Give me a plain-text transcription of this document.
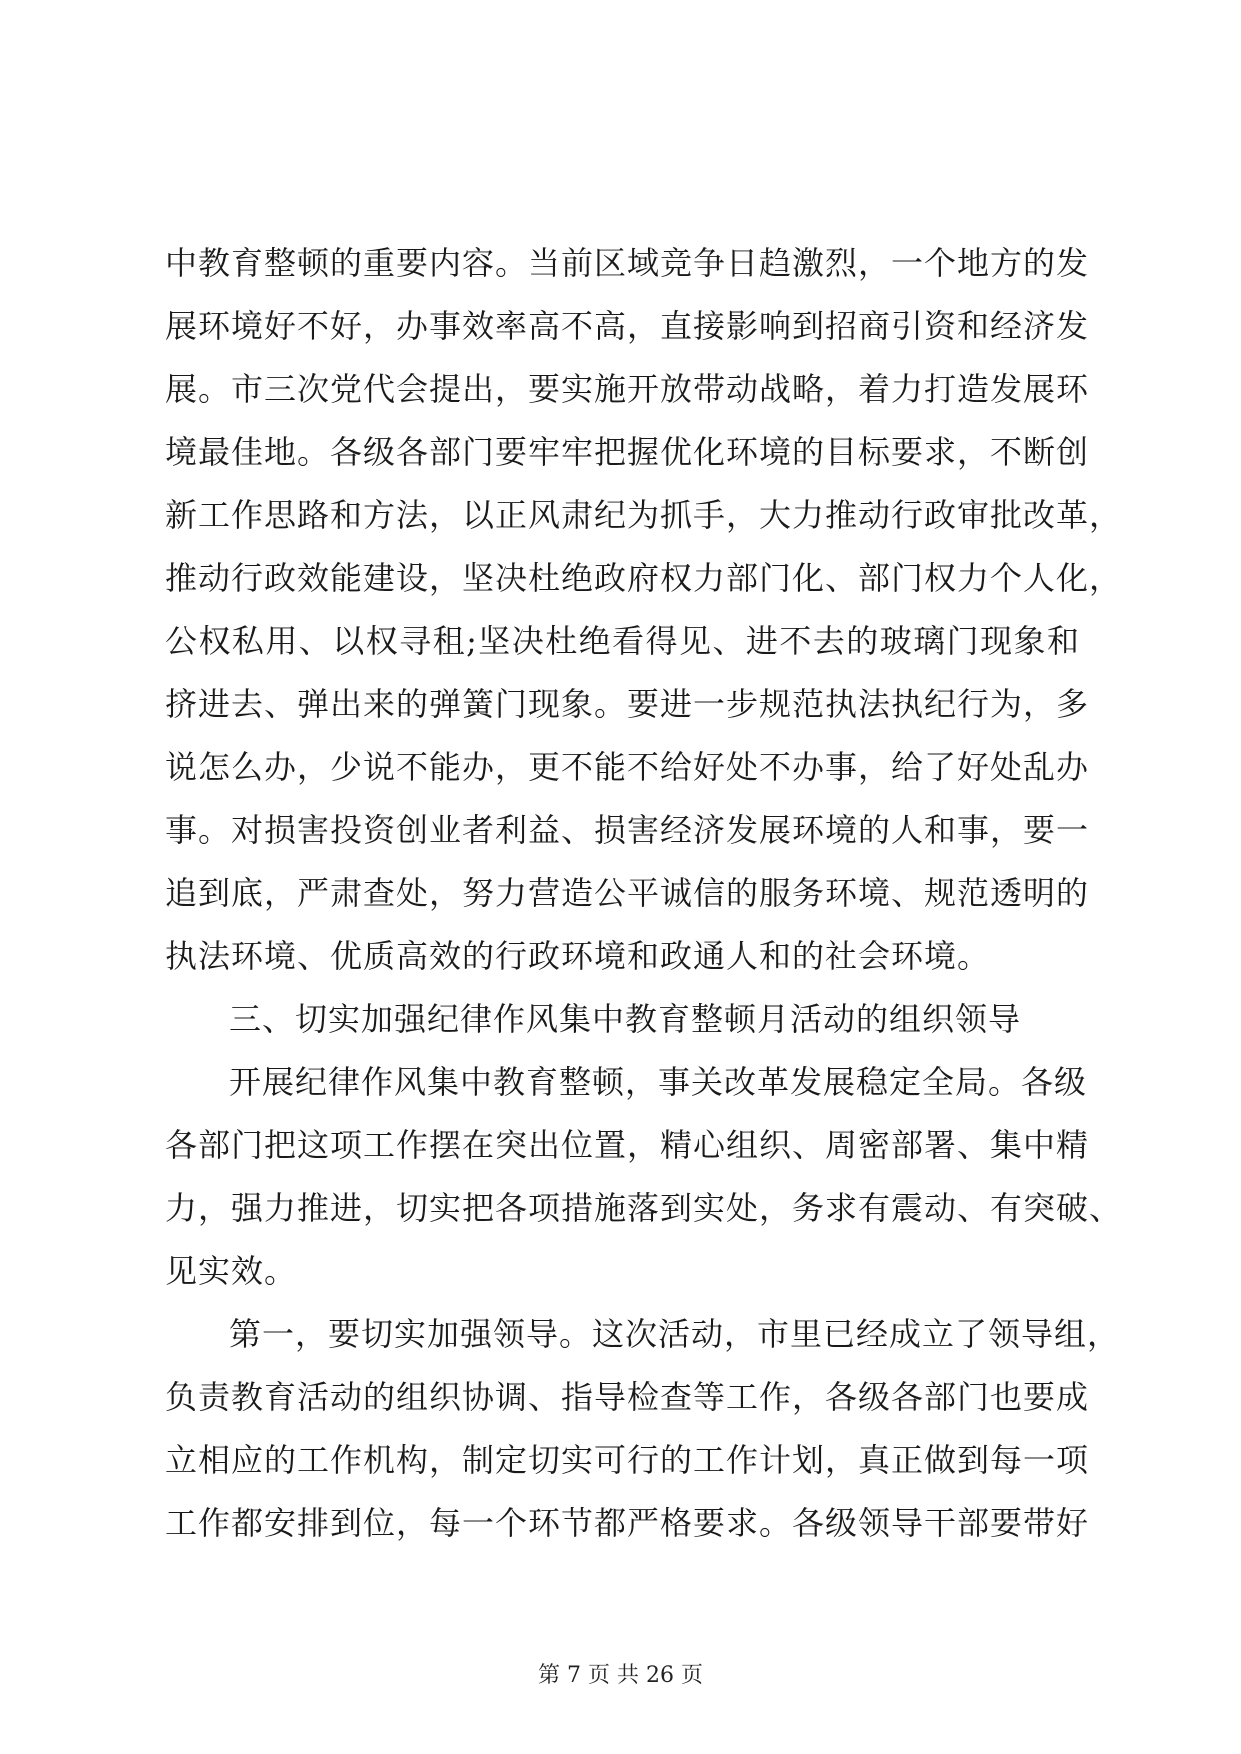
中教育整顿的重要内容。当前区域竞争日趋激烈，一个地方的发
展环境好不好，办事效率高不高，直接影响到招商引资和经济发
展。市三次党代会提出，要实施开放带动战略，着力打造发展环
境最佳地。各级各部门要牢牢把握优化环境的目标要求，不断创
新工作思路和方法，以正风肃纪为抓手，大力推动行政审批改革，
推动行政效能建设，坚决杜绝政府权力部门化、部门权力个人化，
公权私用、以权寻租;坚决杜绝看得见、进不去的玻璃门现象和
挤进去、弹出来的弹簧门现象。要进一步规范执法执纪行为，多
说怎么办，少说不能办，更不能不给好处不办事，给了好处乱办
事。对损害投资创业者利益、损害经济发展环境的人和事，要一
追到底，严肃查处，努力营造公平诚信的服务环境、规范透明的
执法环境、优质高效的行政环境和政通人和的社会环境。
三、切实加强纪律作风集中教育整顿月活动的组织领导
开展纪律作风集中教育整顿，事关改革发展稳定全局。各级
各部门把这项工作摆在突出位置，精心组织、周密部署、集中精
力，强力推进，切实把各项措施落到实处，务求有震动、有突破、
见实效。
第一，要切实加强领导。这次活动，市里已经成立了领导组，
负责教育活动的组织协调、指导检查等工作，各级各部门也要成
立相应的工作机构，制定切实可行的工作计划，真正做到每一项
工作都安排到位，每一个环节都严格要求。各级领导干部要带好
第 7 页 共 26 页
